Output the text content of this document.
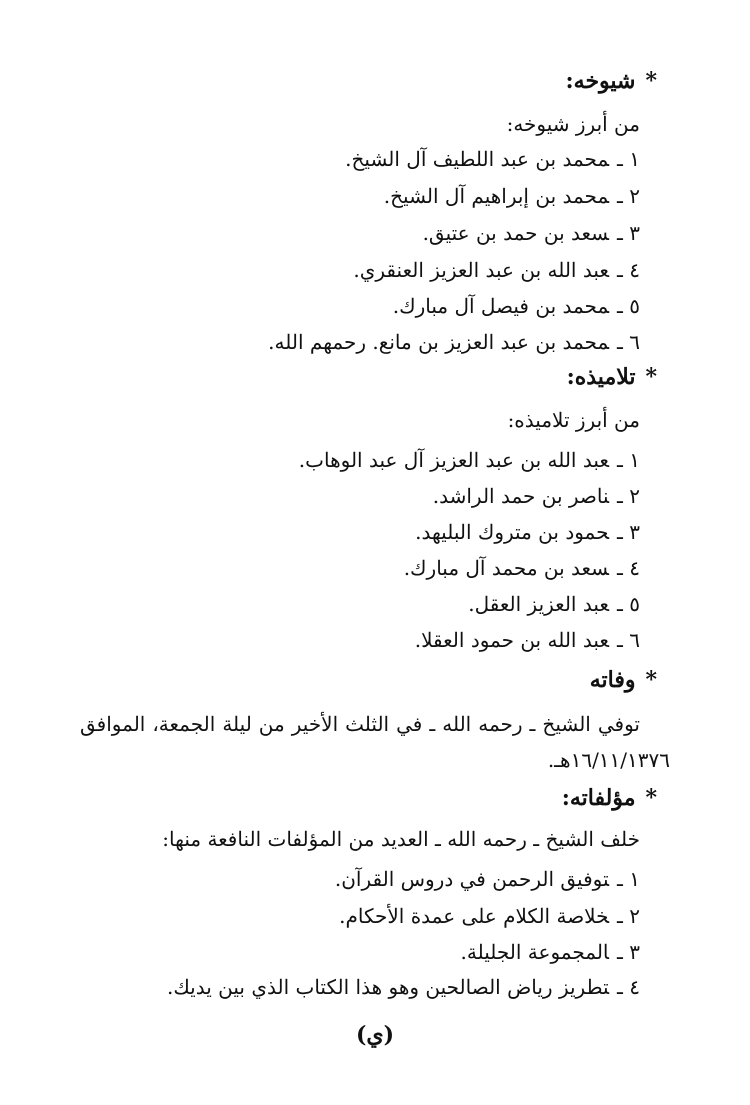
*شيوخه:
من أبرز شيوخه:
١ ـمحمد بن عبد اللطيف آل الشيخ.
٢ ـمحمد بن إبراهيم آل الشيخ.
٣ ـسعد بن حمد بن عتيق.
٤ ـعبد الله بن عبد العزيز العنقري.
٥ ـمحمد بن فيصل آل مبارك.
٦ ـمحمد بن عبد العزيز بن مانع. رحمهم الله.
*تلاميذه:
من أبرز تلاميذه:
١ ـعبد الله بن عبد العزيز آل عبد الوهاب.
٢ ـناصر بن حمد الراشد.
٣ ـحمود بن متروك البليهد.
٤ ـسعد بن محمد آل مبارك.
٥ ـعبد العزيز العقل.
٦ ـعبد الله بن حمود العقلا.
*وفاته
توفي الشيخ ـ رحمه الله ـ في الثلث الأخير من ليلة الجمعة، الموافق ١٦/١١/١٣٧٦هـ.
*مؤلفاته:
خلف الشيخ ـ رحمه الله ـ العديد من المؤلفات النافعة منها:
١ ـتوفيق الرحمن في دروس القرآن.
٢ ـخلاصة الكلام على عمدة الأحكام.
٣ ـالمجموعة الجليلة.
٤ ـتطريز رياض الصالحين وهو هذا الكتاب الذي بين يديك.
(ي)
